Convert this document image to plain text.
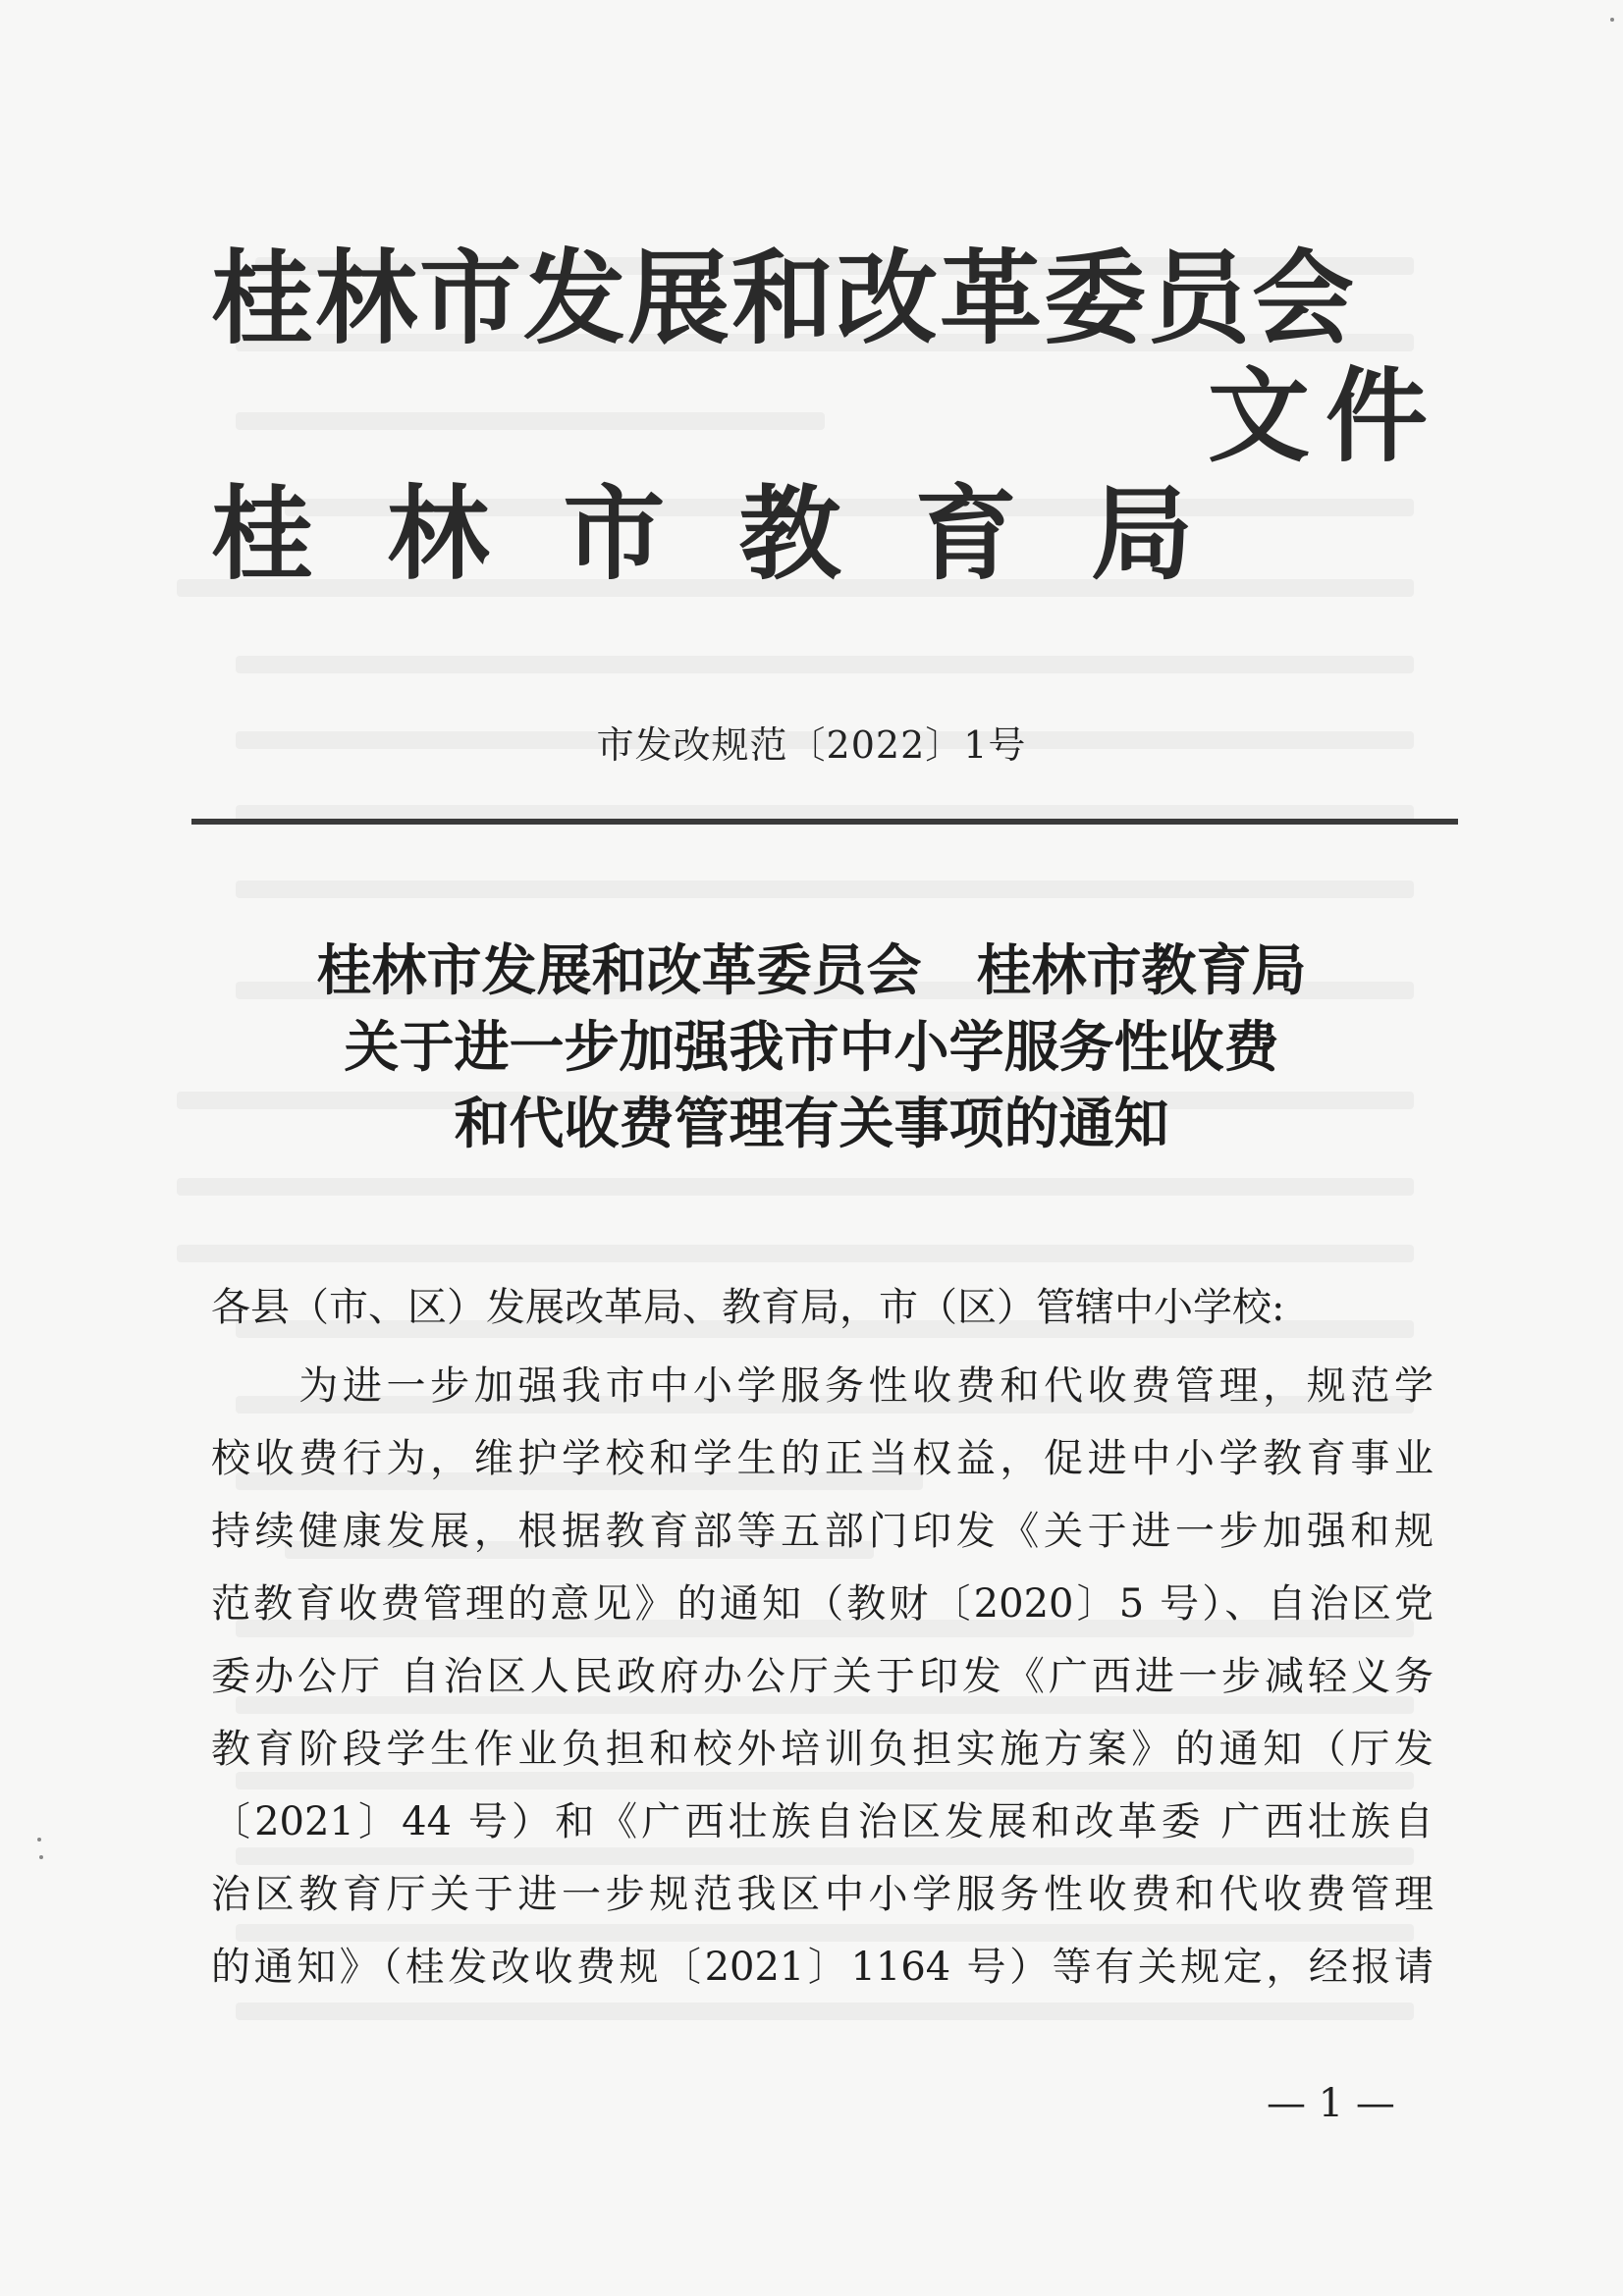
桂林市发展和改革委员会
文件
桂 林 市 教 育 局
市发改规范〔2022〕1号
桂林市发展和改革委员会　桂林市教育局
关于进一步加强我市中小学服务性收费
和代收费管理有关事项的通知
各县（市、区）发展改革局、教育局，市（区）管辖中小学校:
　　为进一步加强我市中小学服务性收费和代收费管理，规范学
校收费行为，维护学校和学生的正当权益，促进中小学教育事业
持续健康发展，根据教育部等五部门印发《关于进一步加强和规
范教育收费管理的意见》的通知（教财〔2020〕5 号）、自治区党
委办公厅 自治区人民政府办公厅关于印发《广西进一步减轻义务
教育阶段学生作业负担和校外培训负担实施方案》的通知（厅发
〔2021〕44 号）和《广西壮族自治区发展和改革委 广西壮族自
治区教育厅关于进一步规范我区中小学服务性收费和代收费管理
的通知》（桂发改收费规〔2021〕1164 号）等有关规定，经报请
— 1 —
